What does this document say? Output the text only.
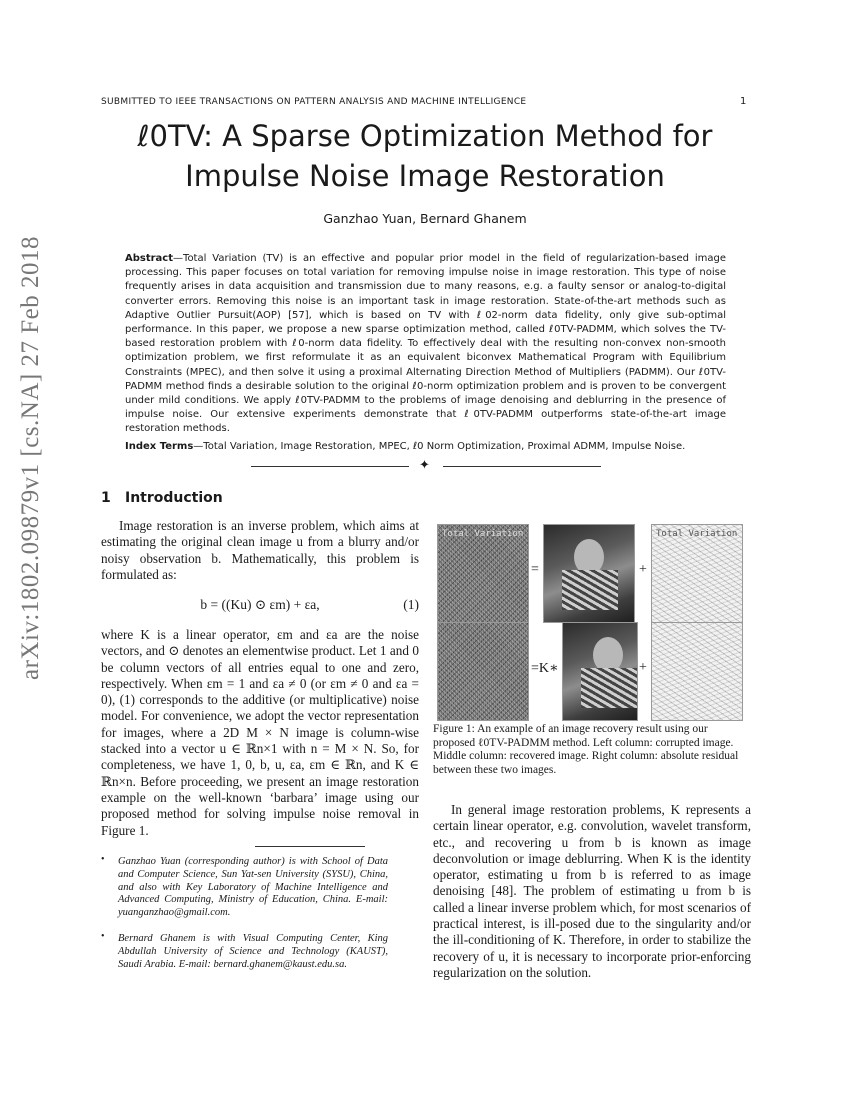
SUBMITTED TO IEEE TRANSACTIONS ON PATTERN ANALYSIS AND MACHINE INTELLIGENCE	1
ℓ0TV: A Sparse Optimization Method for Impulse Noise Image Restoration
Ganzhao Yuan, Bernard Ghanem

Abstract—Total Variation (TV) is an effective and popular prior model in the field of regularization-based image processing. This paper focuses on total variation for removing impulse noise in image restoration. This type of noise frequently arises in data acquisition and transmission due to many reasons, e.g. a faulty sensor or analog-to-digital converter errors. Removing this noise is an important task in image restoration. State-of-the-art methods such as Adaptive Outlier Pursuit(AOP) [57], which is based on TV with ℓ02-norm data fidelity, only give sub-optimal performance. In this paper, we propose a new sparse optimization method, called ℓ0TV-PADMM, which solves the TV-based restoration problem with ℓ0-norm data fidelity. To effectively deal with the resulting non-convex non-smooth optimization problem, we first reformulate it as an equivalent biconvex Mathematical Program with Equilibrium Constraints (MPEC), and then solve it using a proximal Alternating Direction Method of Multipliers (PADMM). Our ℓ0TV-PADMM method finds a desirable solution to the original ℓ0-norm optimization problem and is proven to be convergent under mild conditions. We apply ℓ0TV-PADMM to the problems of image denoising and deblurring in the presence of impulse noise. Our extensive experiments demonstrate that ℓ0TV-PADMM outperforms state-of-the-art image restoration methods.

Index Terms—Total Variation, Image Restoration, MPEC, ℓ0 Norm Optimization, Proximal ADMM, Impulse Noise.

✦
arXiv:1802.09879v1 [cs.NA] 27 Feb 2018	1 Introduction

Image restoration is an inverse problem, which aims at estimating the original clean image u from a blurry and/or noisy observation b. Mathematically, this problem is formulated as:

b = ((Ku) ⊙ εm) + εa,	(1)

where K is a linear operator, εm and εa are the noise vectors, and ⊙ denotes an elementwise product. Let 1 and 0 be column vectors of all entries equal to one and zero, respectively. When εm = 1 and εa ≠ 0 (or εm ≠ 0 and εa = 0), (1) corresponds to the additive (or multiplicative) noise model. For convenience, we adopt the vector representation for images, where a 2D M × N image is column-wise stacked into a vector u ∈ ℝn×1 with n = M × N. So, for completeness, we have 1, 0, b, u, εa, εm ∈ ℝn, and K ∈ ℝn×n. Before proceeding, we present an image restoration example on the well-known ‘barbara’ image using our proposed method for solving impulse noise removal in Figure 1.

• Ganzhao Yuan (corresponding author) is with School of Data and Computer Science, Sun Yat-sen University (SYSU), China, and also with Key Laboratory of Machine Intelligence and Advanced Computing, Ministry of Education, China. E-mail: yuanganzhao@gmail.com.

• Bernard Ghanem is with Visual Computing Center, King Abdullah University of Science and Technology (KAUST), Saudi Arabia. E-mail: bernard.ghanem@kaust.edu.sa.

Total Variation
=	+
Total Variation
=K∗	+

Figure 1: An example of an image recovery result using our proposed ℓ0TV-PADMM method. Left column: corrupted image. Middle column: recovered image. Right column: absolute residual between these two images.

In general image restoration problems, K represents a certain linear operator, e.g. convolution, wavelet transform, etc., and recovering u from b is known as image deconvolution or image deblurring. When K is the identity operator, estimating u from b is referred to as image denoising [48]. The problem of estimating u from b is called a linear inverse problem which, for most scenarios of practical interest, is ill-posed due to the singularity and/or the ill-conditioning of K. Therefore, in order to stabilize the recovery of u, it is necessary to incorporate prior-enforcing regularization on the solution.
